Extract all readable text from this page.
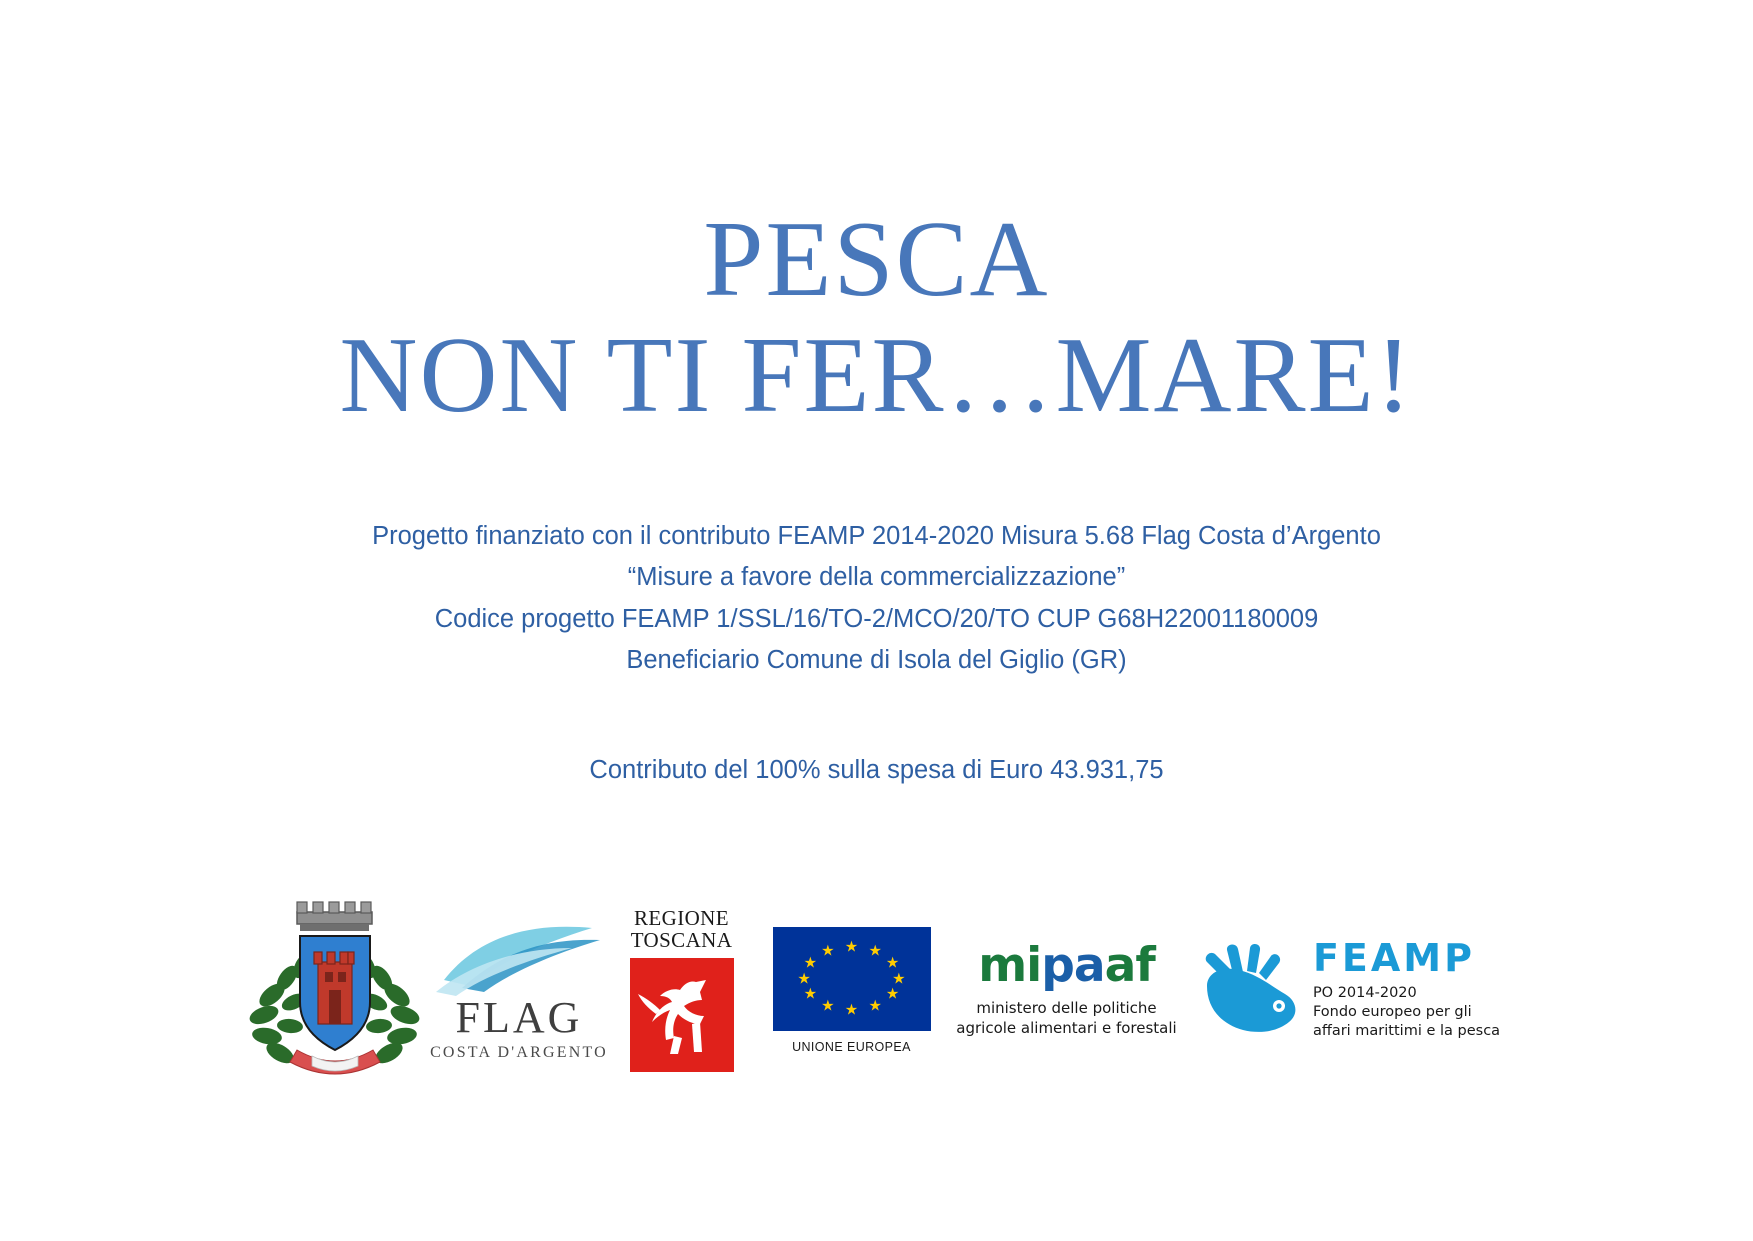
PESCA
NON TI FER…MARE!
Progetto finanziato con il contributo FEAMP 2014-2020 Misura 5.68 Flag Costa d’Argento
“Misure a favore della commercializzazione”
Codice progetto FEAMP 1/SSL/16/TO-2/MCO/20/TO CUP G68H22001180009
Beneficiario Comune di Isola del Giglio (GR)
Contributo del 100% sulla spesa di Euro 43.931,75
FLAG
COSTA D'ARGENTO
REGIONE
TOSCANA	★ ★
★
★
★
★
★
★
★
★
★
★
UNIONE EUROPEA
mipaaf
ministero delle politiche
agricole alimentari e forestali
FEAMP
PO 2014-2020
Fondo europeo per gli
affari marittimi e la pesca
